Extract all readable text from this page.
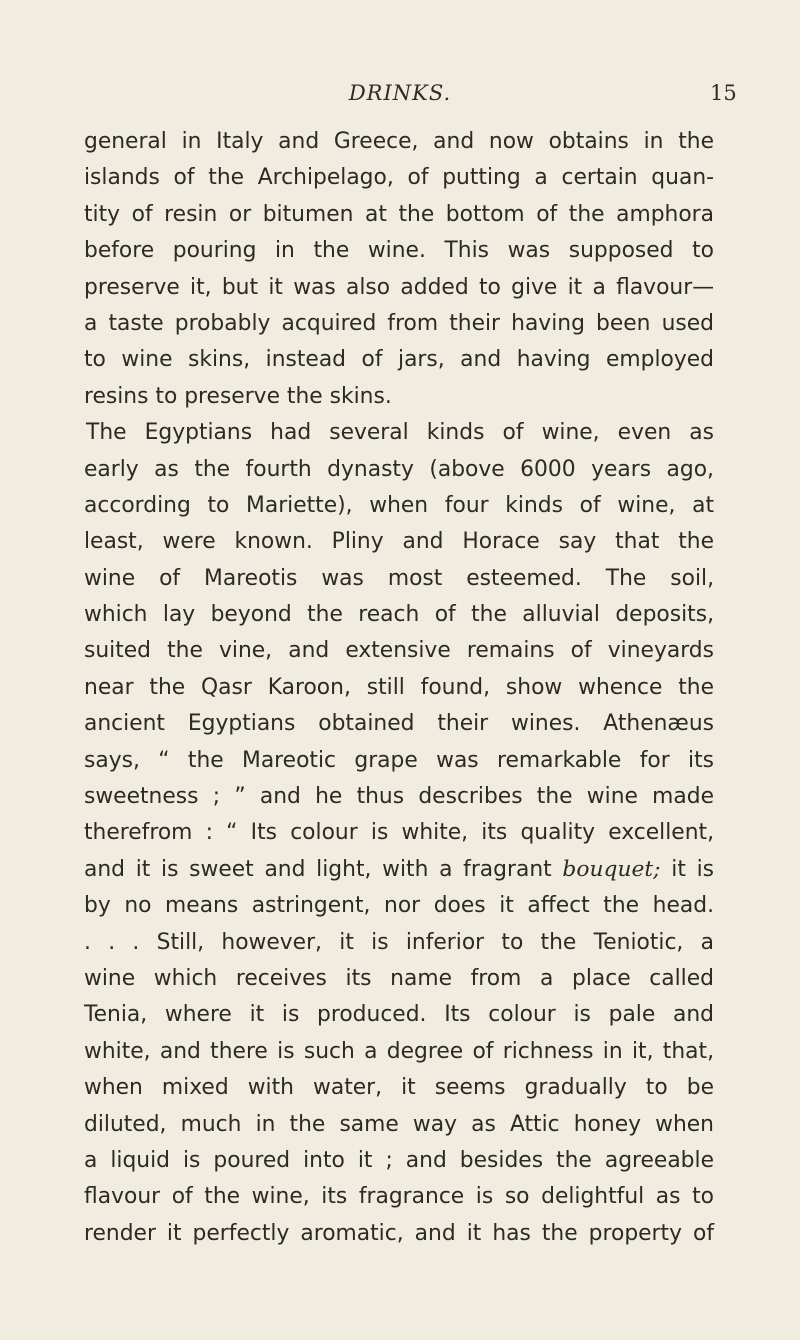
DRINKS.	15
general in Italy and Greece, and now obtains in the
islands of the Archipelago, of putting a certain quan-
tity of resin or bitumen at the bottom of the amphora
before pouring in the wine. This was supposed to
preserve it, but it was also added to give it a flavour—
a taste probably acquired from their having been used
to wine skins, instead of jars, and having employed
resins to preserve the skins.
The Egyptians had several kinds of wine, even as
early as the fourth dynasty (above 6000 years ago,
according to Mariette), when four kinds of wine, at
least, were known. Pliny and Horace say that the
wine of Mareotis was most esteemed. The soil,
which lay beyond the reach of the alluvial deposits,
suited the vine, and extensive remains of vineyards
near the Qasr Karoon, still found, show whence the
ancient Egyptians obtained their wines. Athenæus
says, “ the Mareotic grape was remarkable for its
sweetness ; ” and he thus describes the wine made
therefrom : “ Its colour is white, its quality excellent,
and it is sweet and light, with a fragrant bouquet; it is
by no means astringent, nor does it affect the head.
. . . Still, however, it is inferior to the Teniotic, a
wine which receives its name from a place called
Tenia, where it is produced. Its colour is pale and
white, and there is such a degree of richness in it, that,
when mixed with water, it seems gradually to be
diluted, much in the same way as Attic honey when
a liquid is poured into it ; and besides the agreeable
flavour of the wine, its fragrance is so delightful as to
render it perfectly aromatic, and it has the property of
